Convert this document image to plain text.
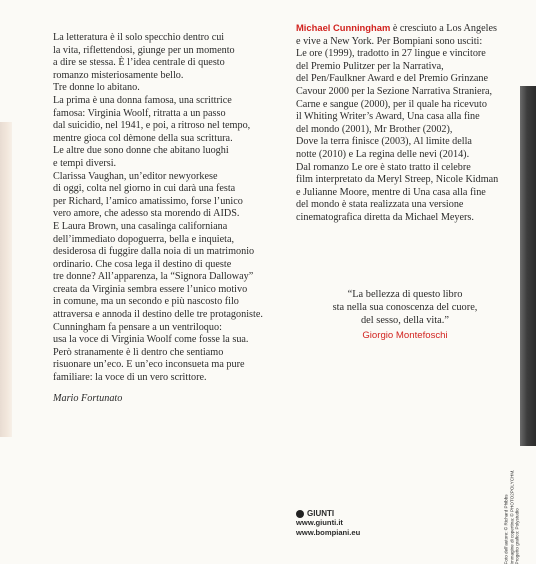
La letteratura è il solo specchio dentro cui
la vita, riflettendosi, giunge per un momento
a dire se stessa. È l’idea centrale di questo
romanzo misteriosamente bello.
Tre donne lo abitano.
La prima è una donna famosa, una scrittrice
famosa: Virginia Woolf, ritratta a un passo
dal suicidio, nel 1941, e poi, a ritroso nel tempo,
mentre gioca col dèmone della sua scrittura.
Le altre due sono donne che abitano luoghi
e tempi diversi.
Clarissa Vaughan, un’editor newyorkese
di oggi, colta nel giorno in cui darà una festa
per Richard, l’amico amatissimo, forse l’unico
vero amore, che adesso sta morendo di AIDS.
E Laura Brown, una casalinga californiana
dell’immediato dopoguerra, bella e inquieta,
desiderosa di fuggire dalla noia di un matrimonio
ordinario. Che cosa lega il destino di queste
tre donne? All’apparenza, la “Signora Dalloway”
creata da Virginia sembra essere l’unico motivo
in comune, ma un secondo e più nascosto filo
attraversa e annoda il destino delle tre protagoniste.
Cunningham fa pensare a un ventriloquo:
usa la voce di Virginia Woolf come fosse la sua.
Però stranamente è lì dentro che sentiamo
risuonare un’eco. E un’eco inconsueta ma pure
familiare: la voce di un vero scrittore.

Mario Fortunato

Michael Cunningham è cresciuto a Los Angeles
e vive a New York. Per Bompiani sono usciti:
Le ore (1999), tradotto in 27 lingue e vincitore
del Premio Pulitzer per la Narrativa,
del Pen/Faulkner Award e del Premio Grinzane
Cavour 2000 per la Sezione Narrativa Straniera,
Carne e sangue (2000), per il quale ha ricevuto
il Whiting Writer’s Award, Una casa alla fine
del mondo (2001), Mr Brother (2002),
Dove la terra finisce (2003), Al limite della
notte (2010) e La regina delle nevi (2014).
Dal romanzo Le ore è stato tratto il celebre
film interpretato da Meryl Streep, Nicole Kidman
e Julianne Moore, mentre di Una casa alla fine
del mondo è stata realizzata una versione
cinematografica diretta da Michael Meyers.

“La bellezza di questo libro
sta nella sua conoscenza del cuore,
del sesso, della vita.”

Giorgio Montefoschi

GIUNTI
www.giunti.it
www.bompiani.eu
Foto dell’autore: © Richard Phibbs
Immagine di copertina: © PHOTO2POLYCHM.
Progetto grafico: Polystudio
